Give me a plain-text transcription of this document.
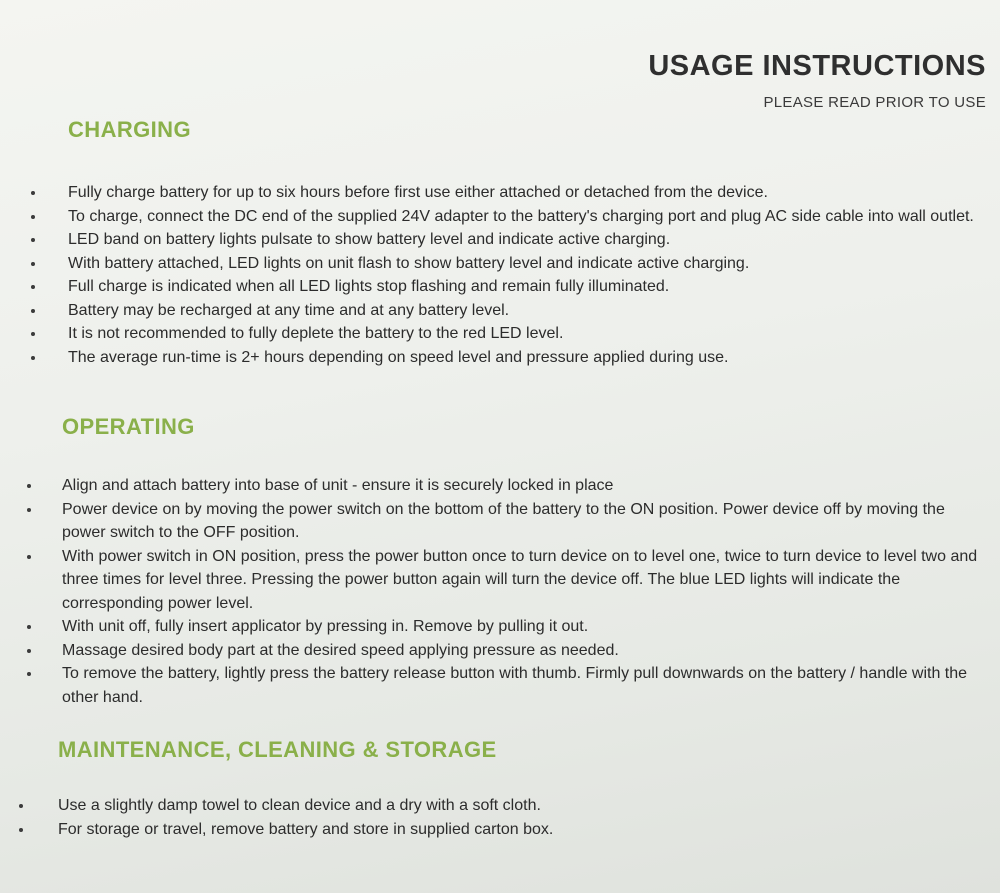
USAGE INSTRUCTIONS
PLEASE READ PRIOR TO USE
CHARGING
Fully charge battery for up to six hours before first use either attached or detached from the device.
To charge, connect the DC end of the supplied 24V adapter to the battery's charging port and plug AC side cable into wall outlet.
LED band on battery lights pulsate to show battery level and indicate active charging.
With battery attached, LED lights on unit flash to show battery level and indicate active charging.
Full charge is indicated when all LED lights stop flashing and remain fully illuminated.
Battery may be recharged at any time and at any battery level.
It is not recommended to fully deplete the battery to the red LED level.
The average run-time is 2+ hours depending on speed level and pressure applied during use.
OPERATING
Align and attach battery into base of unit - ensure it is securely locked in place
Power device on by moving the power switch on the bottom of the battery to the ON position. Power device off by moving the power switch to the OFF position.
With power switch in ON position, press the power button once to turn device on to level one, twice to turn device to level two and three times for level three. Pressing the power button again will turn the device off. The blue LED lights will indicate the corresponding power level.
With unit off, fully insert applicator by pressing in. Remove by pulling it out.
Massage desired body part at the desired speed applying pressure as needed.
To remove the battery, lightly press the battery release button with thumb. Firmly pull downwards on the battery / handle with the other hand.
MAINTENANCE, CLEANING & STORAGE
Use a slightly damp towel to clean device and a dry with a soft cloth.
For storage or travel, remove battery and store in supplied carton box.
